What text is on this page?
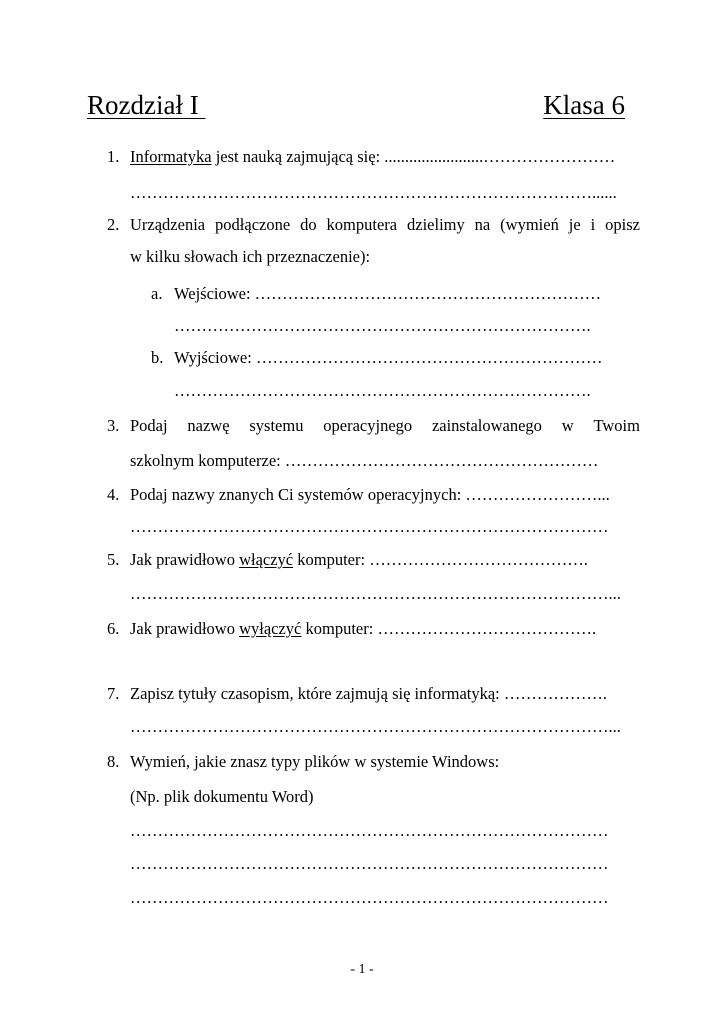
Rozdział I	Klasa 6
1. Informatyka jest nauką zajmującą się: ........................……………………
…………………………………………………………………………......
2. Urządzenia podłączone do komputera dzielimy na (wymień je i opisz
w kilku słowach ich przeznaczenie):
a. Wejściowe: ………………………………………………………
………………………………………………………………….
b. Wyjściowe: ………………………………………………………
………………………………………………………………….
3. Podaj nazwę systemu operacyjnego zainstalowanego w Twoim
szkolnym komputerze: …………………………………………………
4. Podaj nazwy znanych Ci systemów operacyjnych: ……………………...
……………………………………………………………………………
5. Jak prawidłowo włączyć komputer: ………………………………….
……………………………………………………………………………...
6. Jak prawidłowo wyłączyć komputer: ………………………………….
7. Zapisz tytuły czasopism, które zajmują się informatyką: ……………….
……………………………………………………………………………...
8. Wymień, jakie znasz typy plików w systemie Windows:
(Np. plik dokumentu Word)
……………………………………………………………………………
……………………………………………………………………………
……………………………………………………………………………
- 1 -
